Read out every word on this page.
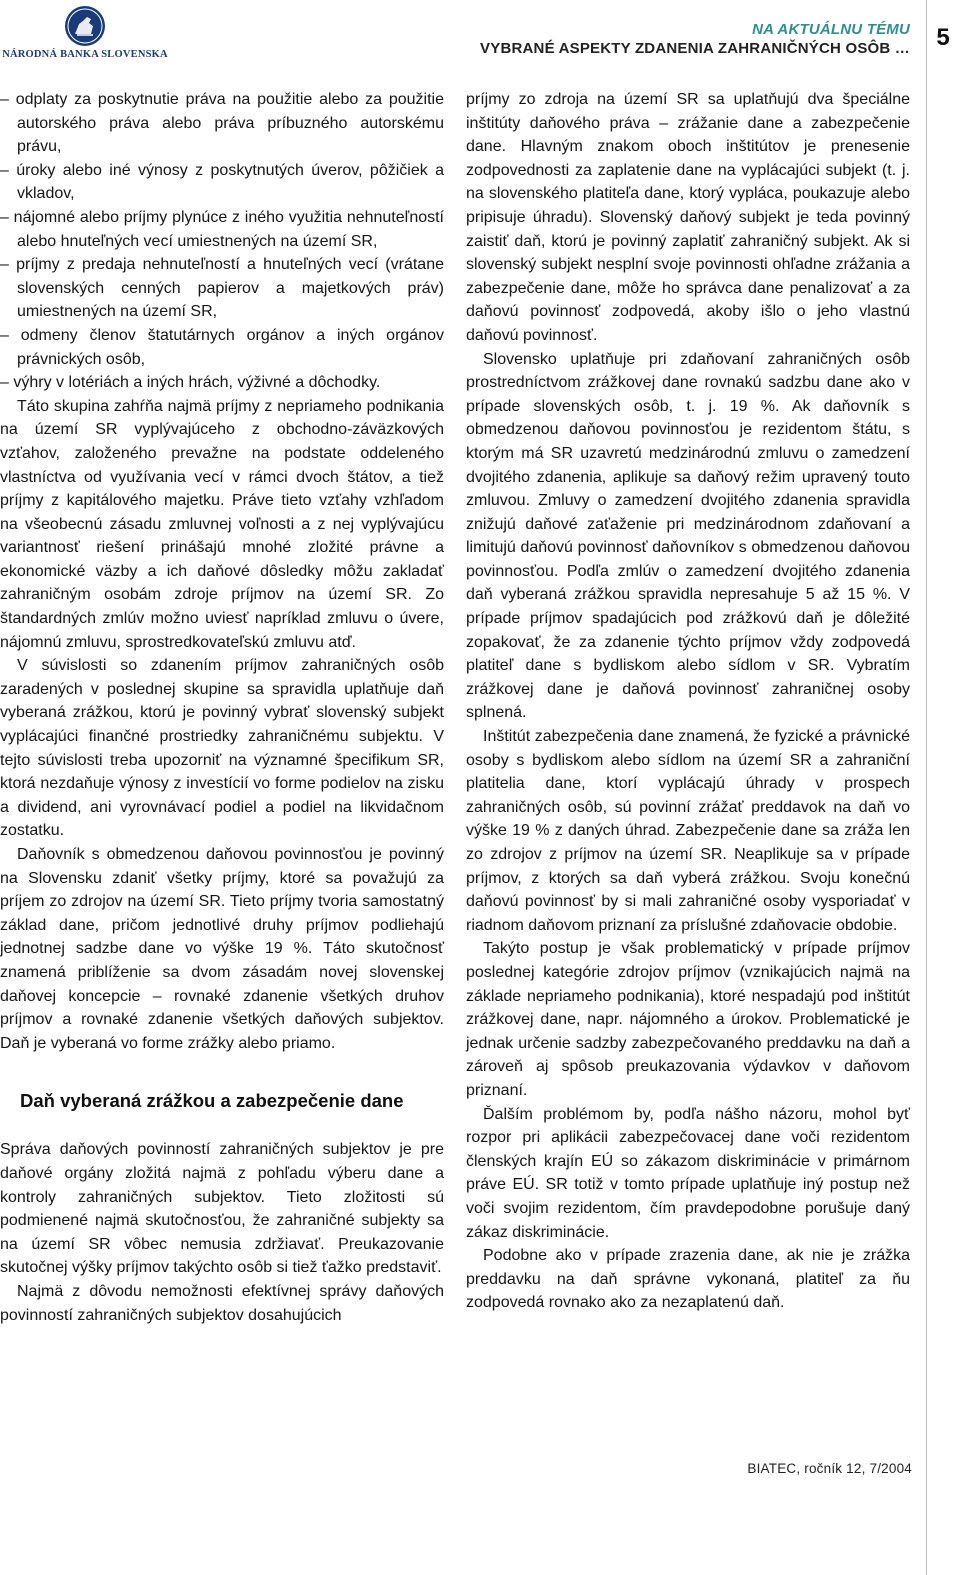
NÁRODNÁ BANKA SLOVENSKA
NA AKTUÁLNU TÉMU
VYBRANÉ ASPEKTY ZDANENIA ZAHRANIČNÝCH OSÔB …	5
– odplaty za poskytnutie práva na použitie alebo za použitie autorského práva alebo práva príbuzného autorskému právu,
– úroky alebo iné výnosy z poskytnutých úverov, pôžičiek a vkladov,
– nájomné alebo príjmy plynúce z iného využitia nehnuteľností alebo hnuteľných vecí umiestnených na území SR,
– príjmy z predaja nehnuteľností a hnuteľných vecí (vrátane slovenských cenných papierov a majetkových práv) umiestnených na území SR,
– odmeny členov štatutárnych orgánov a iných orgánov právnických osôb,
– výhry v lotériách a iných hrách, výživné a dôchodky.

Táto skupina zahŕňa najmä príjmy z nepriameho podnikania na území SR vyplývajúceho z obchodno-záväzkových vzťahov, založeného prevažne na podstate oddeleného vlastníctva od využívania vecí v rámci dvoch štátov, a tiež príjmy z kapitálového majetku. Práve tieto vzťahy vzhľadom na všeobecnú zásadu zmluvnej voľnosti a z nej vyplývajúcu variantnosť riešení prinášajú mnohé zložité právne a ekonomické väzby a ich daňové dôsledky môžu zakladať zahraničným osobám zdroje príjmov na území SR. Zo štandardných zmlúv možno uviesť napríklad zmluvu o úvere, nájomnú zmluvu, sprostredkovateľskú zmluvu atď.

V súvislosti so zdanením príjmov zahraničných osôb zaradených v poslednej skupine sa spravidla uplatňuje daň vyberaná zrážkou, ktorú je povinný vybrať slovenský subjekt vyplácajúci finančné prostriedky zahraničnému subjektu. V tejto súvislosti treba upozorniť na významné špecifikum SR, ktorá nezdaňuje výnosy z investícií vo forme podielov na zisku a dividend, ani vyrovnávací podiel a podiel na likvidačnom zostatku.

Daňovník s obmedzenou daňovou povinnosťou je povinný na Slovensku zdaniť všetky príjmy, ktoré sa považujú za príjem zo zdrojov na území SR. Tieto príjmy tvoria samostatný základ dane, pričom jednotlivé druhy príjmov podliehajú jednotnej sadzbe dane vo výške 19 %. Táto skutočnosť znamená priblíženie sa dvom zásadám novej slovenskej daňovej koncepcie – rovnaké zdanenie všetkých druhov príjmov a rovnaké zdanenie všetkých daňových subjektov. Daň je vyberaná vo forme zrážky alebo priamo.

Daň vyberaná zrážkou a zabezpečenie dane

Správa daňových povinností zahraničných subjektov je pre daňové orgány zložitá najmä z pohľadu výberu dane a kontroly zahraničných subjektov. Tieto zložitosti sú podmienené najmä skutočnosťou, že zahraničné subjekty sa na území SR vôbec nemusia zdržiavať. Preukazovanie skutočnej výšky príjmov takýchto osôb si tiež ťažko predstaviť.

Najmä z dôvodu nemožnosti efektívnej správy daňových povinností zahraničných subjektov dosahujúcich

príjmy zo zdroja na území SR sa uplatňujú dva špeciálne inštitúty daňového práva – zrážanie dane a zabezpečenie dane. Hlavným znakom oboch inštitútov je prenesenie zodpovednosti za zaplatenie dane na vyplácajúci subjekt (t. j. na slovenského platiteľa dane, ktorý vypláca, poukazuje alebo pripisuje úhradu). Slovenský daňový subjekt je teda povinný zaistiť daň, ktorú je povinný zaplatiť zahraničný subjekt. Ak si slovenský subjekt nesplní svoje povinnosti ohľadne zrážania a zabezpečenie dane, môže ho správca dane penalizovať a za daňovú povinnosť zodpovedá, akoby išlo o jeho vlastnú daňovú povinnosť.

Slovensko uplatňuje pri zdaňovaní zahraničných osôb prostredníctvom zrážkovej dane rovnakú sadzbu dane ako v prípade slovenských osôb, t. j. 19 %. Ak daňovník s obmedzenou daňovou povinnosťou je rezidentom štátu, s ktorým má SR uzavretú medzinárodnú zmluvu o zamedzení dvojitého zdanenia, aplikuje sa daňový režim upravený touto zmluvou. Zmluvy o zamedzení dvojitého zdanenia spravidla znižujú daňové zaťaženie pri medzinárodnom zdaňovaní a limitujú daňovú povinnosť daňovníkov s obmedzenou daňovou povinnosťou. Podľa zmlúv o zamedzení dvojitého zdanenia daň vyberaná zrážkou spravidla nepresahuje 5 až 15 %. V prípade príjmov spadajúcich pod zrážkovú daň je dôležité zopakovať, že za zdanenie týchto príjmov vždy zodpovedá platiteľ dane s bydliskom alebo sídlom v SR. Vybratím zrážkovej dane je daňová povinnosť zahraničnej osoby splnená.

Inštitút zabezpečenia dane znamená, že fyzické a právnické osoby s bydliskom alebo sídlom na území SR a zahraniční platitelia dane, ktorí vyplácajú úhrady v prospech zahraničných osôb, sú povinní zrážať preddavok na daň vo výške 19 % z daných úhrad. Zabezpečenie dane sa zráža len zo zdrojov z príjmov na území SR. Neaplikuje sa v prípade príjmov, z ktorých sa daň vyberá zrážkou. Svoju konečnú daňovú povinnosť by si mali zahraničné osoby vysporiadať v riadnom daňovom priznaní za príslušné zdaňovacie obdobie.

Takýto postup je však problematický v prípade príjmov poslednej kategórie zdrojov príjmov (vznikajúcich najmä na základe nepriameho podnikania), ktoré nespadajú pod inštitút zrážkovej dane, napr. nájomného a úrokov. Problematické je jednak určenie sadzby zabezpečovaného preddavku na daň a zároveň aj spôsob preukazovania výdavkov v daňovom priznaní.

Ďalším problémom by, podľa nášho názoru, mohol byť rozpor pri aplikácii zabezpečovacej dane voči rezidentom členských krajín EÚ so zákazom diskriminácie v primárnom práve EÚ. SR totiž v tomto prípade uplatňuje iný postup než voči svojim rezidentom, čím pravdepodobne porušuje daný zákaz diskriminácie.

Podobne ako v prípade zrazenia dane, ak nie je zrážka preddavku na daň správne vykonaná, platiteľ za ňu zodpovedá rovnako ako za nezaplatenú daň.

BIATEC, ročník 12, 7/2004
